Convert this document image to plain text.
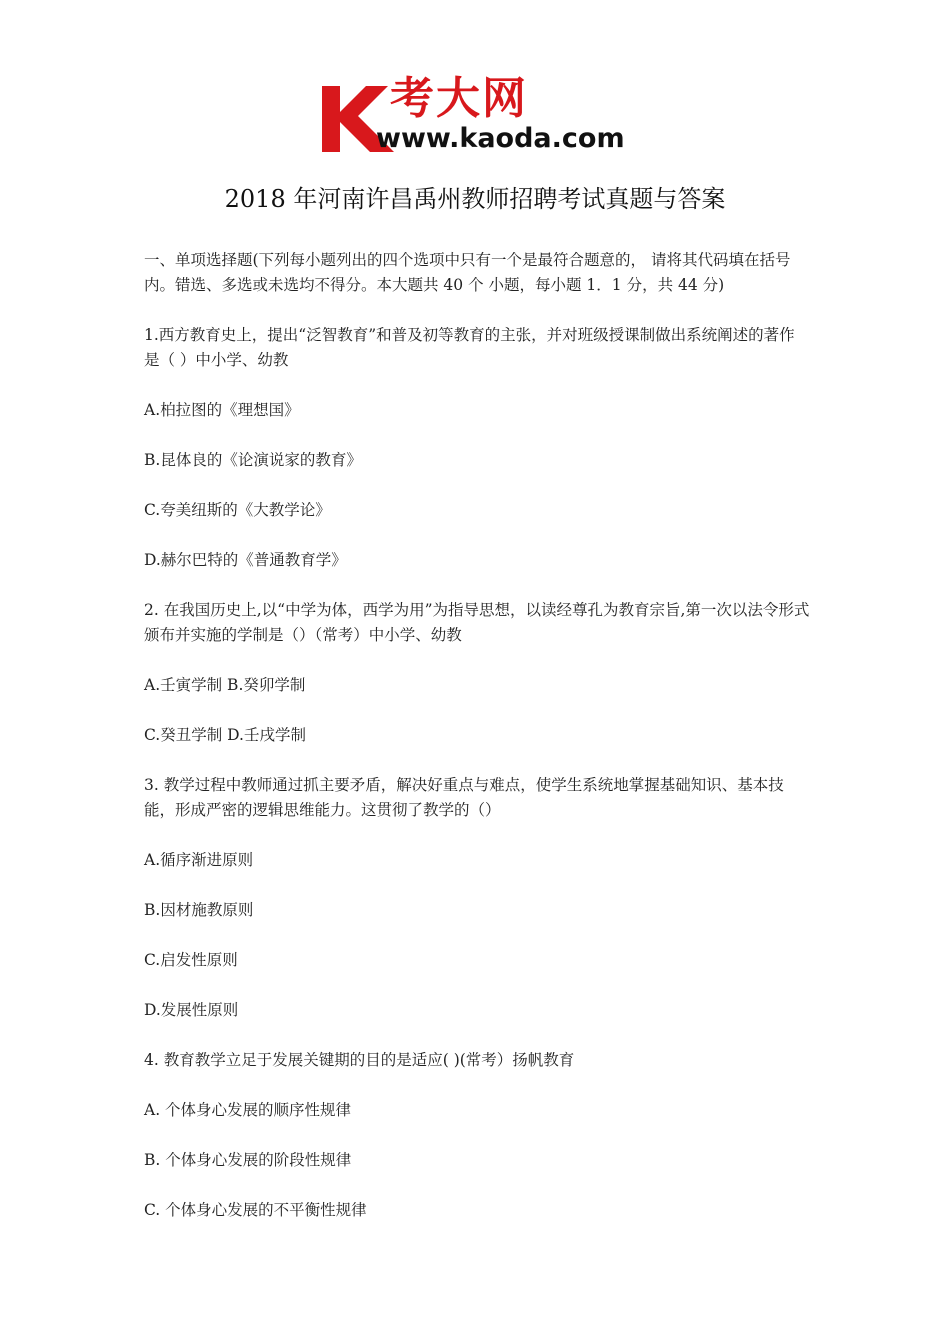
考大网
www.kaoda.com
2018 年河南许昌禹州教师招聘考试真题与答案

一、单项选择题(下列每小题列出的四个选项中只有一个是最符合题意的， 请将其代码填在括号内。错选、多选或未选均不得分。本大题共 40 个 小题，每小题 1．1 分，共 44 分)

1.西方教育史上，提出“泛智教育”和普及初等教育的主张，并对班级授课制做出系统阐述的著作 是（ ）中小学、幼教

A.柏拉图的《理想国》

B.昆体良的《论演说家的教育》

C.夸美纽斯的《大教学论》

D.赫尔巴特的《普通教育学》

2. 在我国历史上,以“中学为体，西学为用”为指导思想，以读经尊孔为教育宗旨,第一次以法令形式颁布并实施的学制是（）（常考）中小学、幼教

A.壬寅学制 B.癸卯学制

C.癸丑学制 D.壬戌学制

3. 教学过程中教师通过抓主要矛盾，解决好重点与难点，使学生系统地掌握基础知识、基本技能，形成严密的逻辑思维能力。这贯彻了教学的（）

A.循序渐进原则

B.因材施教原则

C.启发性原则

D.发展性原则

4. 教育教学立足于发展关键期的目的是适应( )(常考）扬帆教育

A. 个体身心发展的顺序性规律

B. 个体身心发展的阶段性规律

C. 个体身心发展的不平衡性规律
